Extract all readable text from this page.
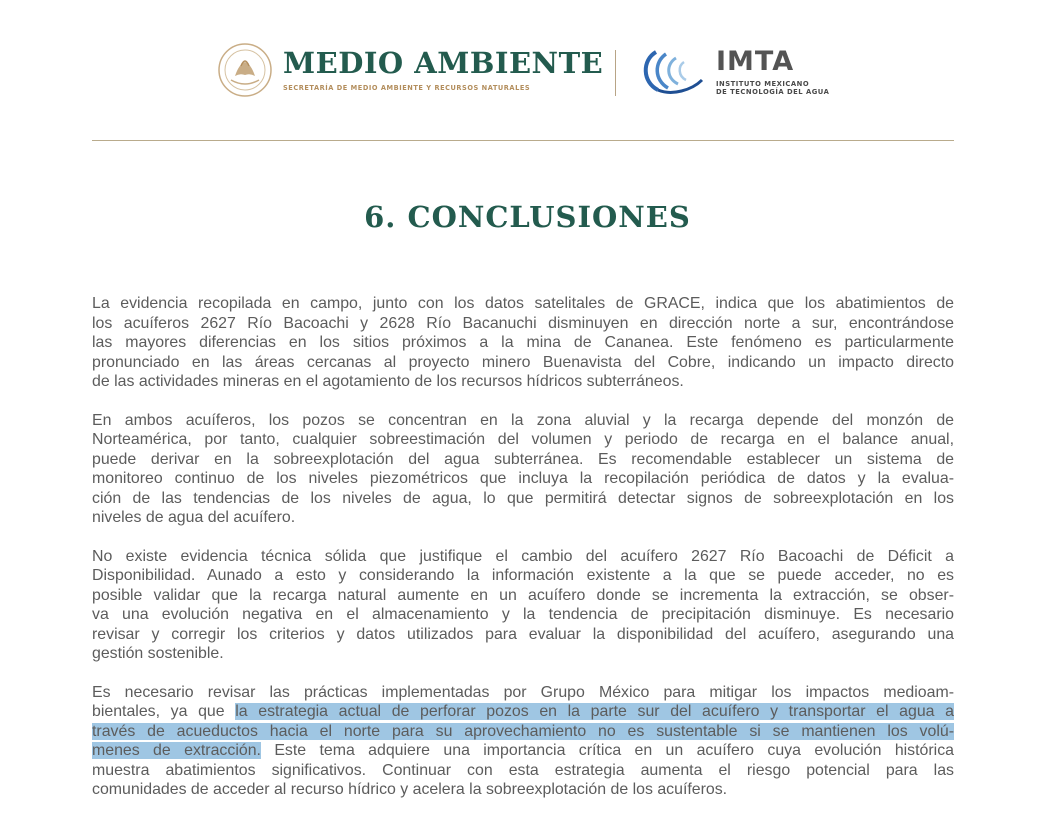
MEDIO AMBIENTE
SECRETARÍA DE MEDIO AMBIENTE Y RECURSOS NATURALES
IMTA
INSTITUTO MEXICANO
DE TECNOLOGÍA DEL AGUA
6. CONCLUSIONES
La evidencia recopilada en campo, junto con los datos satelitales de GRACE, indica que los abatimientos de
los acuíferos 2627 Río Bacoachi y 2628 Río Bacanuchi disminuyen en dirección norte a sur, encontrándose
las mayores diferencias en los sitios próximos a la mina de Cananea. Este fenómeno es particularmente
pronunciado en las áreas cercanas al proyecto minero Buenavista del Cobre, indicando un impacto directo
de las actividades mineras en el agotamiento de los recursos hídricos subterráneos.
En ambos acuíferos, los pozos se concentran en la zona aluvial y la recarga depende del monzón de
Norteamérica, por tanto, cualquier sobreestimación del volumen y periodo de recarga en el balance anual,
puede derivar en la sobreexplotación del agua subterránea. Es recomendable establecer un sistema de
monitoreo continuo de los niveles piezométricos que incluya la recopilación periódica de datos y la evalua-
ción de las tendencias de los niveles de agua, lo que permitirá detectar signos de sobreexplotación en los
niveles de agua del acuífero.
No existe evidencia técnica sólida que justifique el cambio del acuífero 2627 Río Bacoachi de Déficit a
Disponibilidad. Aunado a esto y considerando la información existente a la que se puede acceder, no es
posible validar que la recarga natural aumente en un acuífero donde se incrementa la extracción, se obser-
va una evolución negativa en el almacenamiento y la tendencia de precipitación disminuye. Es necesario
revisar y corregir los criterios y datos utilizados para evaluar la disponibilidad del acuífero, asegurando una
gestión sostenible.
Es necesario revisar las prácticas implementadas por Grupo México para mitigar los impactos medioam-
bientales, ya que la estrategia actual de perforar pozos en la parte sur del acuífero y transportar el agua a
través de acueductos hacia el norte para su aprovechamiento no es sustentable si se mantienen los volú-
menes de extracción. Este tema adquiere una importancia crítica en un acuífero cuya evolución histórica
muestra abatimientos significativos. Continuar con esta estrategia aumenta el riesgo potencial para las
comunidades de acceder al recurso hídrico y acelera la sobreexplotación de los acuíferos.
